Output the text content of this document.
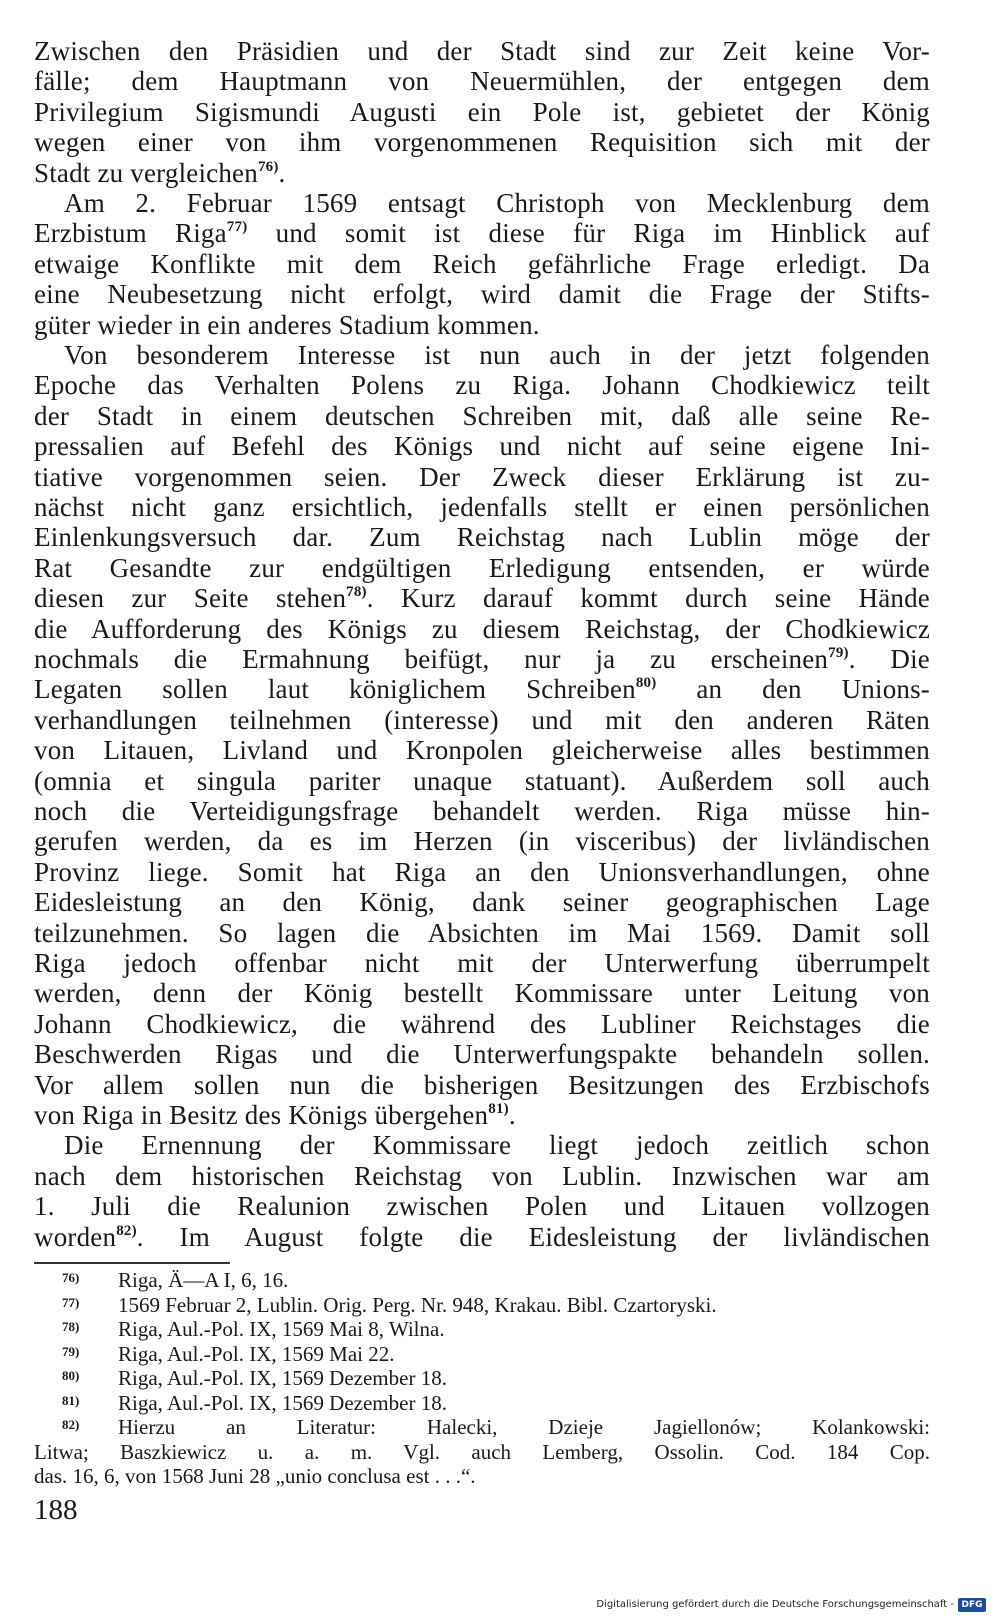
Zwischen den Präsidien und der Stadt sind zur Zeit keine Vor-
fälle; dem Hauptmann von Neuermühlen, der entgegen dem
Privilegium Sigismundi Augusti ein Pole ist, gebietet der König
wegen einer von ihm vorgenommenen Requisition sich mit der
Stadt zu vergleichen$^{76)}$.
Am 2. Februar 1569 entsagt Christoph von Mecklenburg dem
Erzbistum Riga$^{77)}$ und somit ist diese für Riga im Hinblick auf
etwaige Konflikte mit dem Reich gefährliche Frage erledigt. Da
eine Neubesetzung nicht erfolgt, wird damit die Frage der Stifts-
güter wieder in ein anderes Stadium kommen.
Von besonderem Interesse ist nun auch in der jetzt folgenden
Epoche das Verhalten Polens zu Riga. Johann Chodkiewicz teilt
der Stadt in einem deutschen Schreiben mit, daß alle seine Re-
pressalien auf Befehl des Königs und nicht auf seine eigene Ini-
tiative vorgenommen seien. Der Zweck dieser Erklärung ist zu-
nächst nicht ganz ersichtlich, jedenfalls stellt er einen persönlichen
Einlenkungsversuch dar. Zum Reichstag nach Lublin möge der
Rat Gesandte zur endgültigen Erledigung entsenden, er würde
diesen zur Seite stehen$^{78)}$. Kurz darauf kommt durch seine Hände
die Aufforderung des Königs zu diesem Reichstag, der Chodkiewicz
nochmals die Ermahnung beifügt, nur ja zu erscheinen$^{79)}$. Die
Legaten sollen laut königlichem Schreiben$^{80)}$ an den Unions-
verhandlungen teilnehmen (interesse) und mit den anderen Räten
von Litauen, Livland und Kronpolen gleicherweise alles bestimmen
(omnia et singula pariter unaque statuant). Außerdem soll auch
noch die Verteidigungsfrage behandelt werden. Riga müsse hin-
gerufen werden, da es im Herzen (in visceribus) der livländischen
Provinz liege. Somit hat Riga an den Unionsverhandlungen, ohne
Eidesleistung an den König, dank seiner geographischen Lage
teilzunehmen. So lagen die Absichten im Mai 1569. Damit soll
Riga jedoch offenbar nicht mit der Unterwerfung überrumpelt
werden, denn der König bestellt Kommissare unter Leitung von
Johann Chodkiewicz, die während des Lubliner Reichstages die
Beschwerden Rigas und die Unterwerfungspakte behandeln sollen.
Vor allem sollen nun die bisherigen Besitzungen des Erzbischofs
von Riga in Besitz des Königs übergehen$^{81)}$.
Die Ernennung der Kommissare liegt jedoch zeitlich schon
nach dem historischen Reichstag von Lublin. Inzwischen war am
1. Juli die Realunion zwischen Polen und Litauen vollzogen
worden$^{82)}$. Im August folgte die Eidesleistung der livländischen
76) Riga, Ä—A I, 6, 16.
77) 1569 Februar 2, Lublin. Orig. Perg. Nr. 948, Krakau. Bibl. Czartoryski.
78) Riga, Aul.-Pol. IX, 1569 Mai 8, Wilna.
79) Riga, Aul.-Pol. IX, 1569 Mai 22.
80) Riga, Aul.-Pol. IX, 1569 Dezember 18.
81) Riga, Aul.-Pol. IX, 1569 Dezember 18.
82) Hierzu an Literatur: Halecki, Dzieje Jagiellonów; Kolankowski:
Litwa; Baszkiewicz u. a. m. Vgl. auch Lemberg, Ossolin. Cod. 184 Cop.
das. 16, 6, von 1568 Juni 28 „unio conclusa est . . .“.
188
Digitalisierung gefördert durch die Deutsche Forschungsgemeinschaft - DFG
